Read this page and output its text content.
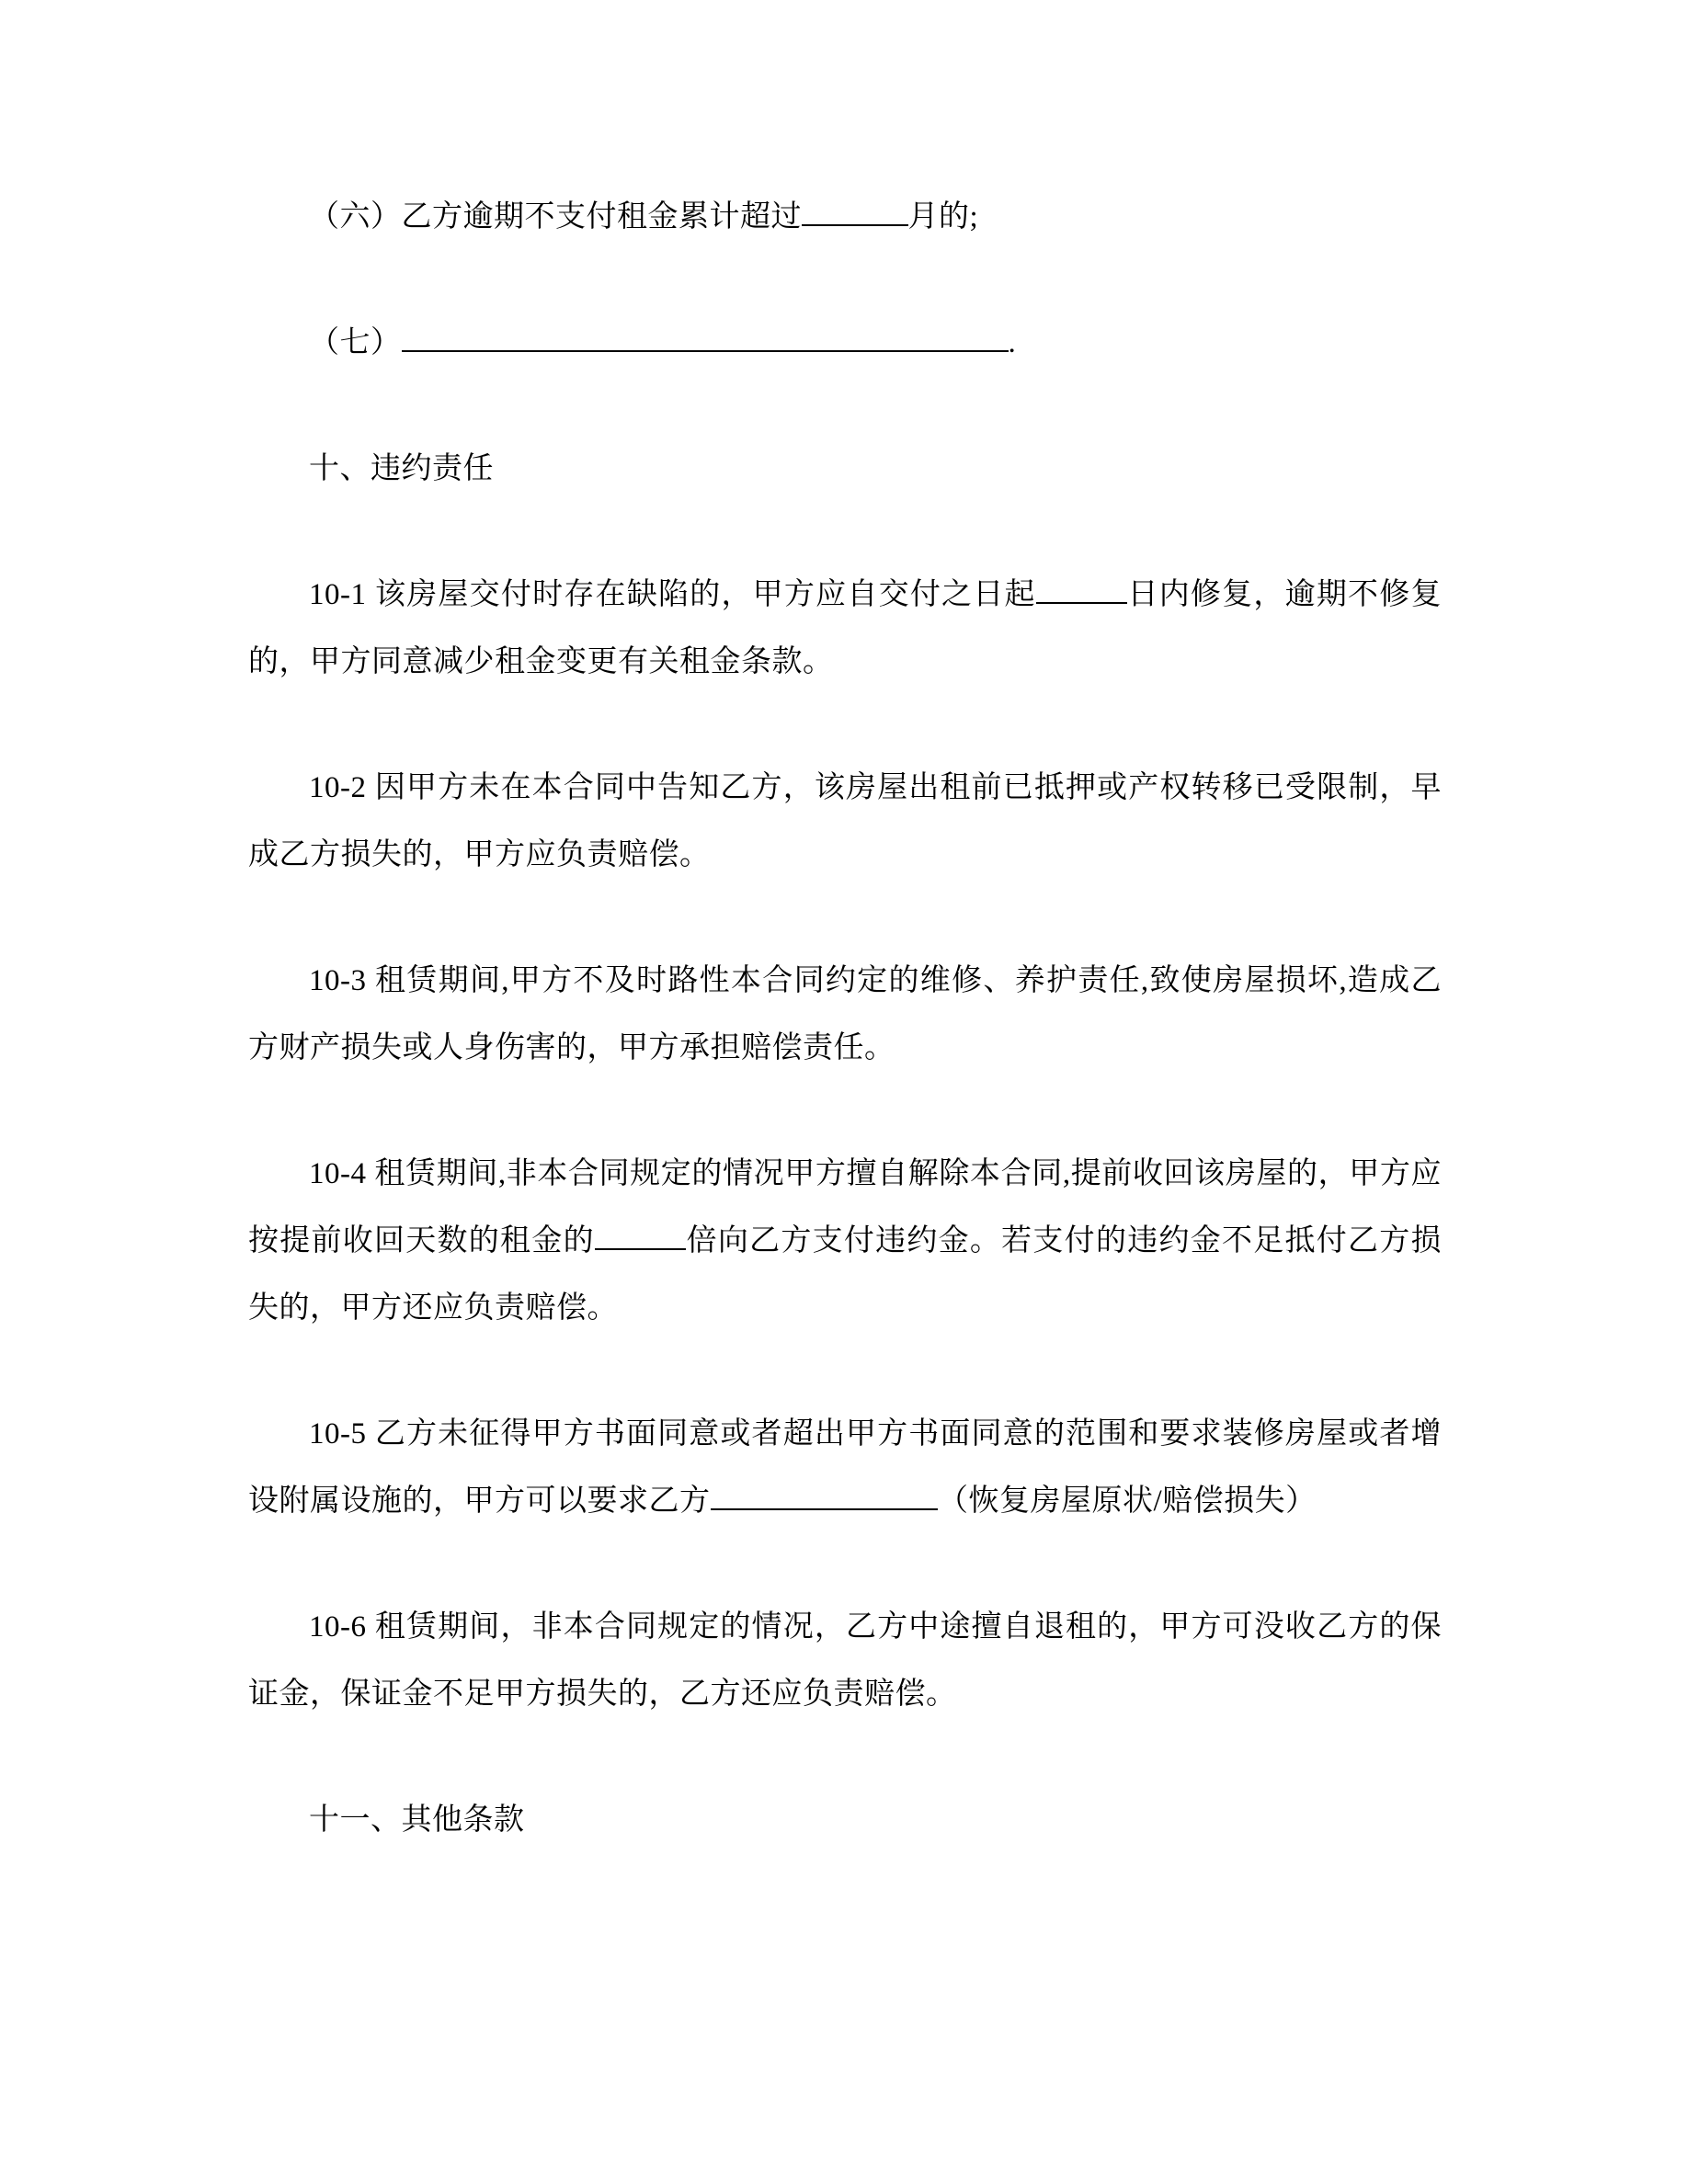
（六）乙方逾期不支付租金累计超过	月的;

（七）	.

十、违约责任

10-1 该房屋交付时存在缺陷的，甲方应自交付之日起	日内修复，逾期不修复的，甲方同意减少租金变更有关租金条款。

10-2 因甲方未在本合同中告知乙方，该房屋出租前已抵押或产权转移已受限制，早成乙方损失的，甲方应负责赔偿。

10-3 租赁期间,甲方不及时路性本合同约定的维修、养护责任,致使房屋损坏,造成乙方财产损失或人身伤害的，甲方承担赔偿责任。

10-4 租赁期间,非本合同规定的情况甲方擅自解除本合同,提前收回该房屋的，甲方应按提前收回天数的租金的	倍向乙方支付违约金。若支付的违约金不足抵付乙方损失的，甲方还应负责赔偿。

10-5 乙方未征得甲方书面同意或者超出甲方书面同意的范围和要求装修房屋或者增设附属设施的，甲方可以要求乙方	（恢复房屋原状/赔偿损失）

10-6 租赁期间，非本合同规定的情况，乙方中途擅自退租的，甲方可没收乙方的保证金，保证金不足甲方损失的，乙方还应负责赔偿。

十一、其他条款
